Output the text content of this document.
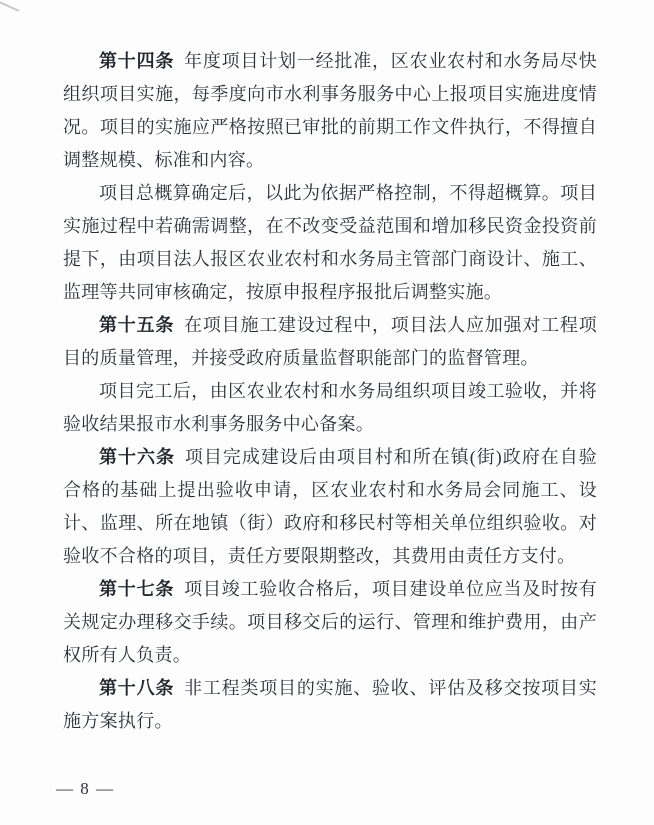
第十四条 年度项目计划一经批准，区农业农村和水务局尽快组织项目实施，每季度向市水利事务服务中心上报项目实施进度情况。项目的实施应严格按照已审批的前期工作文件执行，不得擅自调整规模、标准和内容。

项目总概算确定后，以此为依据严格控制，不得超概算。项目实施过程中若确需调整，在不改变受益范围和增加移民资金投资前提下，由项目法人报区农业农村和水务局主管部门商设计、施工、监理等共同审核确定，按原申报程序报批后调整实施。

第十五条 在项目施工建设过程中，项目法人应加强对工程项目的质量管理，并接受政府质量监督职能部门的监督管理。

项目完工后，由区农业农村和水务局组织项目竣工验收，并将验收结果报市水利事务服务中心备案。

第十六条 项目完成建设后由项目村和所在镇(街)政府在自验合格的基础上提出验收申请，区农业农村和水务局会同施工、设计、监理、所在地镇（街）政府和移民村等相关单位组织验收。对验收不合格的项目，责任方要限期整改，其费用由责任方支付。

第十七条 项目竣工验收合格后，项目建设单位应当及时按有关规定办理移交手续。项目移交后的运行、管理和维护费用，由产权所有人负责。

第十八条 非工程类项目的实施、验收、评估及移交按项目实施方案执行。

— 8 —
